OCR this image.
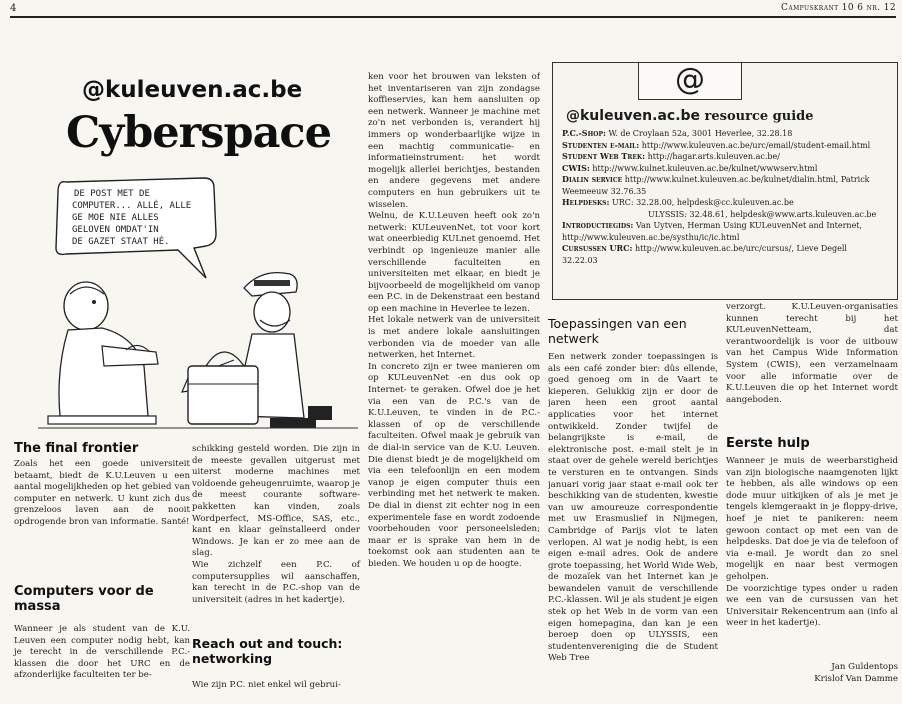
4	Campuskrant 10 6 nr. 12
@kuleuven.ac.be
Cyberspace
DE POST MET DE
COMPUTER... ALLÉ, ALLE
GE MOE NIE ALLES
GELOVEN OMDAT'IN
DE GAZET STAAT HÉ.
The final frontier

Zoals het een goede universiteit betaamt, biedt de K.U.Leuven u een aantal mogelijkheden op het gebied van computer en netwerk. U kunt zich dus grenzeloos laven aan de nooit opdrogende bron van informatie. Santé!

Computers voor de massa

Wanneer je als student van de K.U. Leuven een computer nodig hebt, kan je terecht in de verschillende P.C.-klassen die door het URC en de afzonderlijke faculteiten ter be-

schikking gesteld worden. Die zijn in de meeste gevallen uitgerust met uiterst moderne machines met voldoende geheugenruimte, waarop je de meest courante software-pakketten kan vinden, zoals Wordperfect, MS-Office, SAS, etc., kant en klaar geïnstalleerd onder Windows. Je kan er zo mee aan de slag.

Wie zichzelf een P.C. of computersupplies wil aanschaffen, kan terecht in de P.C.-shop van de universiteit (adres in het kadertje).

Reach out and touch: networking

Wie zijn P.C. niet enkel wil gebrui-

ken voor het brouwen van leksten of het inventariseren van zijn zondagse koffieservies, kan hem aansluiten op een netwerk. Wanneer je machine met zo'n net verbonden is, verandert hij immers op wonderbaarlijke wijze in een machtig communicatie- en informatieinstrument: het wordt mogelijk allerlei berichtjes, bestanden en andere gegevens met andere computers en hun gebruikers uit te wisselen.

Welnu, de K.U.Leuven heeft ook zo'n netwerk: KULeuvenNet, tot voor kort wat oneerbiedig KULnet genoemd. Het verbindt op ingenieuze manier alle verschillende faculteiten en universiteiten met elkaar, en biedt je bijvoorbeeld de mogelijkheid om vanop een P.C. in de Dekenstraat een bestand op een machine in Heverlee te lezen.

Het lokale netwerk van de universiteit is met andere lokale aansluitingen verbonden via de moeder van alle netwerken, het Internet.

In concreto zijn er twee manieren om op KULeuvenNet -en dus ook op Internet- te geraken. Ofwel doe je het via een van de P.C.'s van de K.U.Leuven, te vinden in de P.C.-klassen of op de verschillende faculteiten. Ofwel maak je gebruik van de dial-in service van de K.U. Leuven. Die dienst biedt je de mogelijkheid om via een telefoonlijn en een modem vanop je eigen computer thuis een verbinding met het netwerk te maken. De dial in dienst zit echter nog in een experimentele fase en wordt zodoende voorbehouden voor personeelsleden; maar er is sprake van hem in de toekomst ook aan studenten aan te bieden. We houden u op de hoogte.

@
@kuleuven.ac.be resource guide
P.C.-Shop: W. de Croylaan 52a, 3001 Heverlee, 32.28.18
Studenten e-mail: http://www.kuleuven.ac.be/urc/email/student-email.html
Student Web Trek: http://hagar.arts.kuleuven.ac.be/
CWIS: http://www.kulnet.kuleuven.ac.be/kulnet/wwwserv.html
Dialin service http://www.kulnet.kuleuven.ac.be/kulnet/dialin.html, Patrick Weemeeuw 32.76.35
Helpdesks: URC: 32.28.00, helpdesk@cc.kuleuven.ac.be
ULYSSIS: 32.48.61, helpdesk@www.arts.kuleuven.ac.be
Introductiegids: Van Uytven, Herman Using KULeuvenNet and Internet,
http://www.kuleuven.ac.be/systhu/ic/ic.html
Cursussen URC: http://www.kuleuven.ac.be/urc/cursus/, Lieve Degell
32.22.03
Toepassingen van een netwerk

Een netwerk zonder toepassingen is als een café zonder bier: dûs ellende, goed genoeg om in de Vaart te kieperen. Gelukkig zijn er door de jaren heen een groot aantal applicaties voor het internet ontwikkeld. Zonder twijfel de belangrijkste is e-mail, de elektronische post. e-mail stelt je in staat over de gehele wereld berichtjes te versturen en te ontvangen. Sinds januari vorig jaar staat e-mail ook ter beschikking van de studenten, kwestie van uw amoureuze correspondentie met uw Erasmuslief in Nijmegen, Cambridge of Parijs vlot te laten verlopen. Al wat je nodig hebt, is een eigen e-mail adres. Ook de andere grote toepassing, het World Wide Web, de mozaïek van het Internet kan je bewandelen vanuit de verschillende P.C.-klassen. Wil je als student je eigen stek op het Web in de vorm van een eigen homepagina, dan kan je een beroep doen op ULYSSIS, een studentenvereniging die de Student Web Tree

verzorgt. K.U.Leuven-organisaties kunnen terecht bij het KULeuvenNetteam, dat verantwoordelijk is voor de uitbouw van het Campus Wide Information System (CWIS), een verzamelnaam voor alle informatie over de K.U.Leuven die op het Internet wordt aangeboden.

Eerste hulp

Wanneer je muis de weerbarstigheid van zijn biologische naamgenoten lijkt te hebben, als alle windows op een dode muur uitkijken of als je met je tengels klemgeraakt in je floppy-drive, hoef je niet te panikeren: neem gewoon contact op met een van de helpdesks. Dat doe je via de telefoon of via e-mail. Je wordt dan zo snel mogelijk en naar best vermogen geholpen.

De voorzichtige types onder u raden we een van de cursussen van het Universitair Rekencentrum aan (info al weer in het kadertje).

Jan Guldentops
Krislof Van Damme
